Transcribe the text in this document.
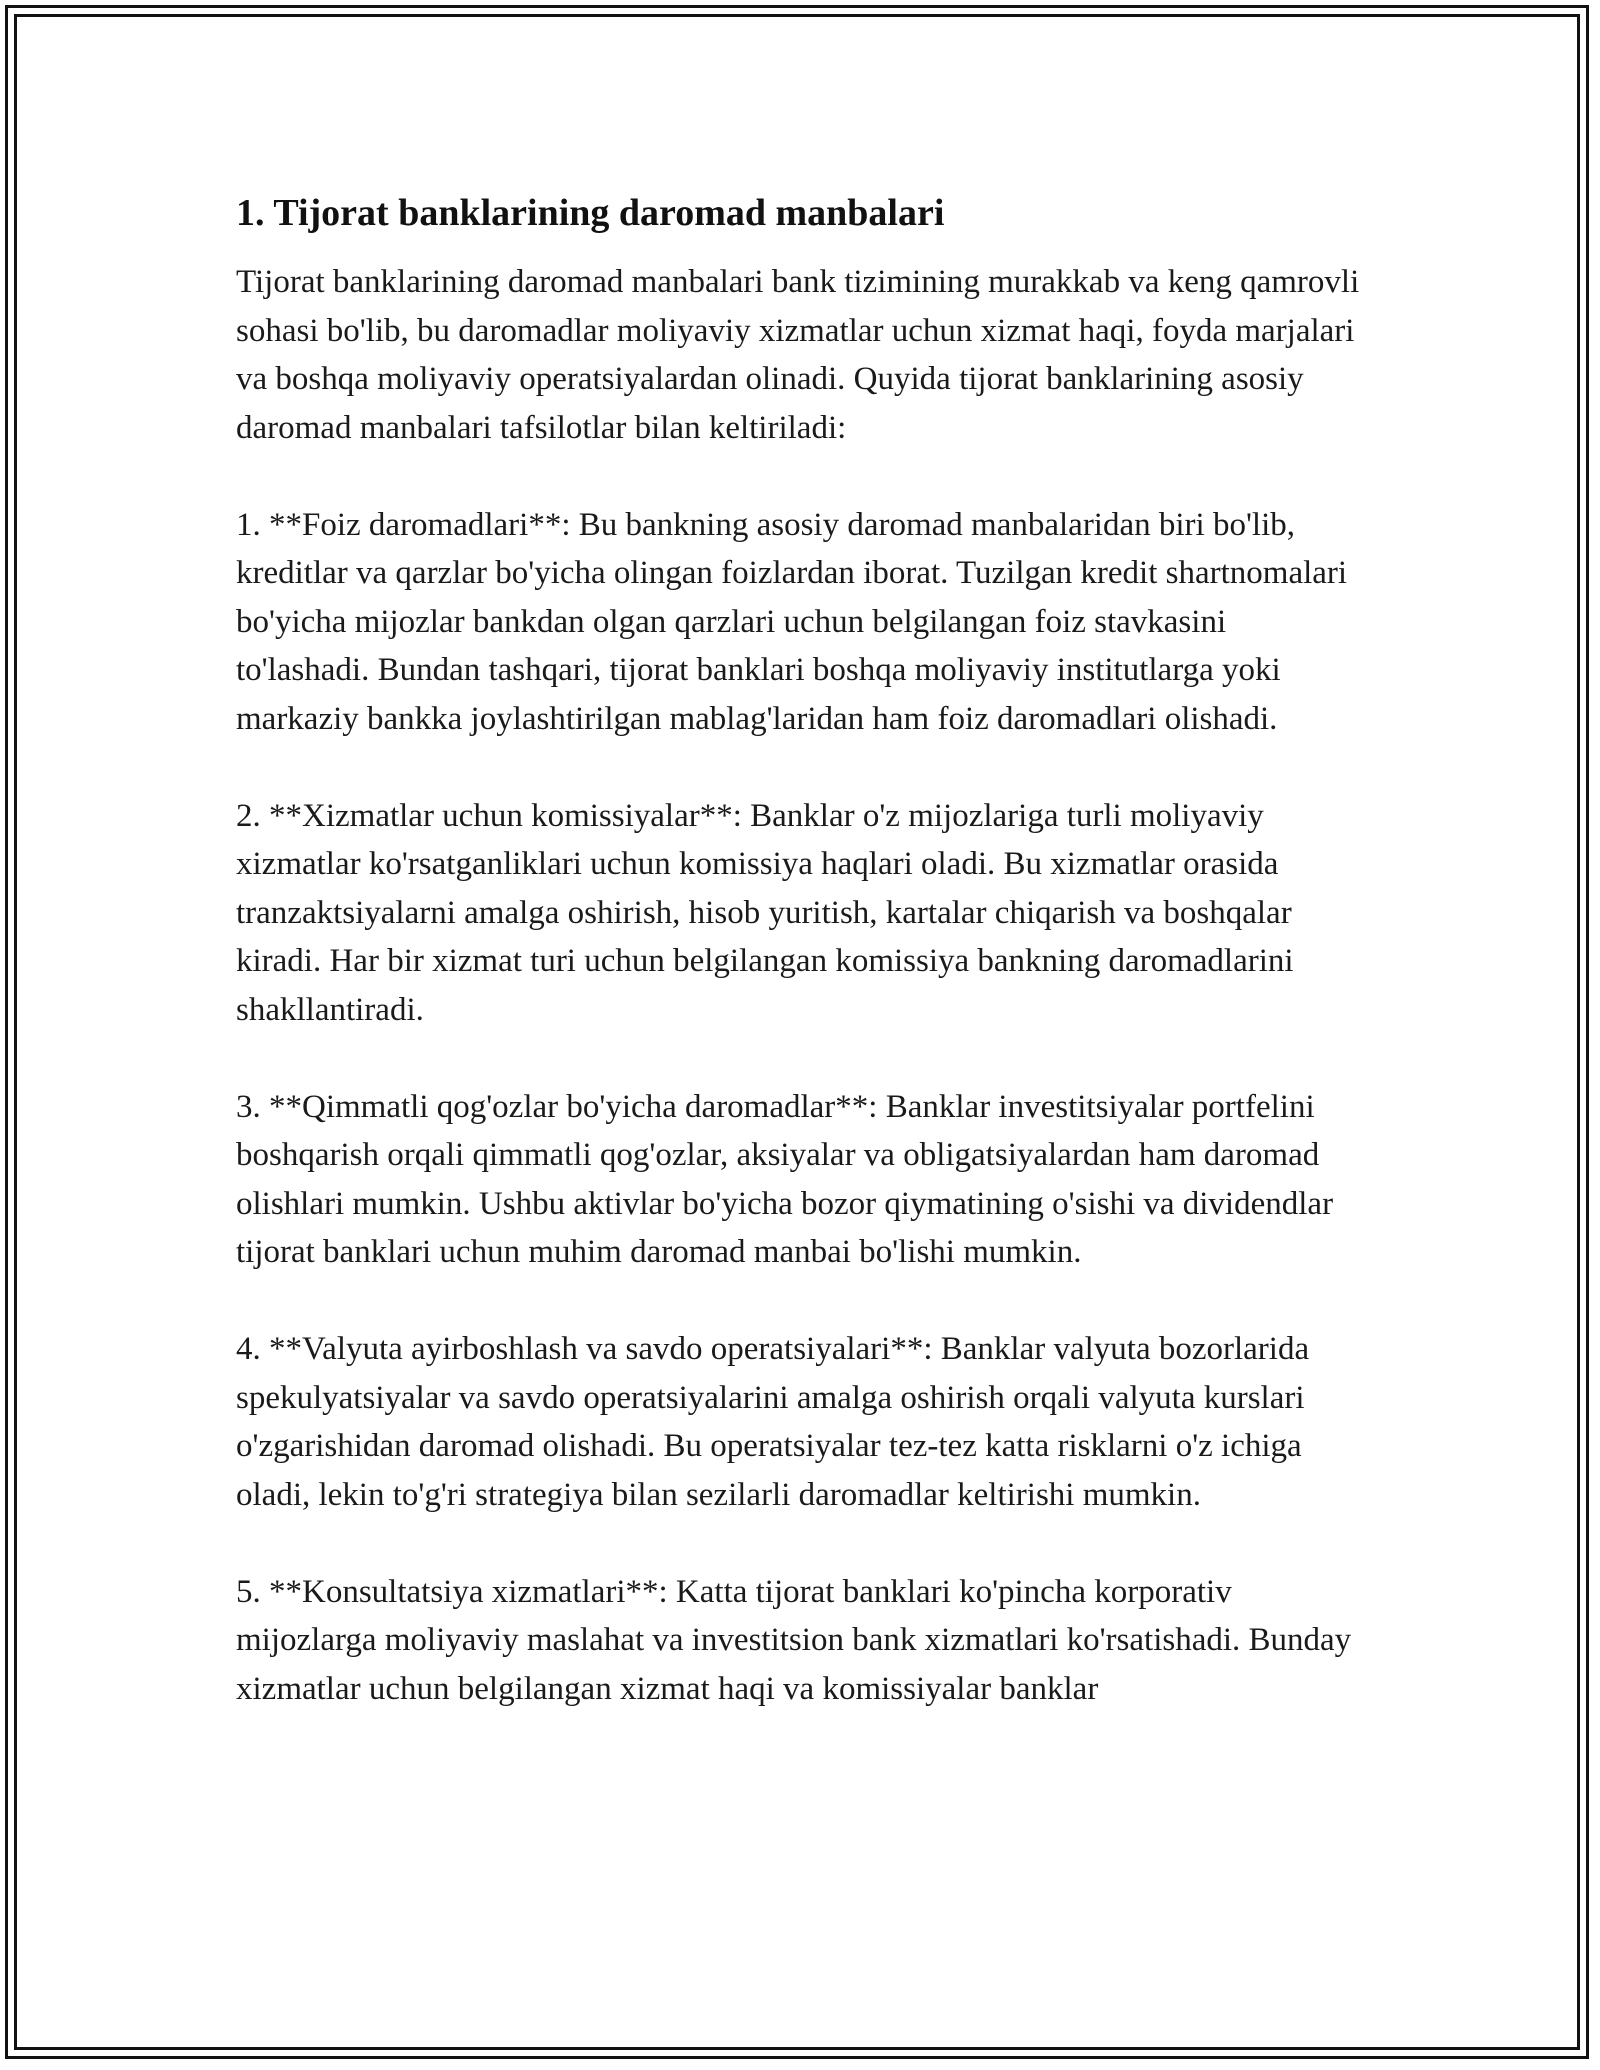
1. Tijorat banklarining daromad manbalari

Tijorat banklarining daromad manbalari bank tizimining murakkab va keng qamrovli sohasi bo'lib, bu daromadlar moliyaviy xizmatlar uchun xizmat haqi, foyda marjalari va boshqa moliyaviy operatsiyalardan olinadi. Quyida tijorat banklarining asosiy daromad manbalari tafsilotlar bilan keltiriladi:

1. **Foiz daromadlari**: Bu bankning asosiy daromad manbalaridan biri bo'lib, kreditlar va qarzlar bo'yicha olingan foizlardan iborat. Tuzilgan kredit shartnomalari bo'yicha mijozlar bankdan olgan qarzlari uchun belgilangan foiz stavkasini to'lashadi. Bundan tashqari, tijorat banklari boshqa moliyaviy institutlarga yoki markaziy bankka joylashtirilgan mablag'laridan ham foiz daromadlari olishadi.

2. **Xizmatlar uchun komissiyalar**: Banklar o'z mijozlariga turli moliyaviy xizmatlar ko'rsatganliklari uchun komissiya haqlari oladi. Bu xizmatlar orasida tranzaktsiyalarni amalga oshirish, hisob yuritish, kartalar chiqarish va boshqalar kiradi. Har bir xizmat turi uchun belgilangan komissiya bankning daromadlarini shakllantiradi.

3. **Qimmatli qog'ozlar bo'yicha daromadlar**: Banklar investitsiyalar portfelini boshqarish orqali qimmatli qog'ozlar, aksiyalar va obligatsiyalardan ham daromad olishlari mumkin. Ushbu aktivlar bo'yicha bozor qiymatining o'sishi va dividendlar tijorat banklari uchun muhim daromad manbai bo'lishi mumkin.

4. **Valyuta ayirboshlash va savdo operatsiyalari**: Banklar valyuta bozorlarida spekulyatsiyalar va savdo operatsiyalarini amalga oshirish orqali valyuta kurslari o'zgarishidan daromad olishadi. Bu operatsiyalar tez-tez katta risklarni o'z ichiga oladi, lekin to'g'ri strategiya bilan sezilarli daromadlar keltirishi mumkin.

5. **Konsultatsiya xizmatlari**: Katta tijorat banklari ko'pincha korporativ mijozlarga moliyaviy maslahat va investitsion bank xizmatlari ko'rsatishadi. Bunday xizmatlar uchun belgilangan xizmat haqi va komissiyalar banklar
